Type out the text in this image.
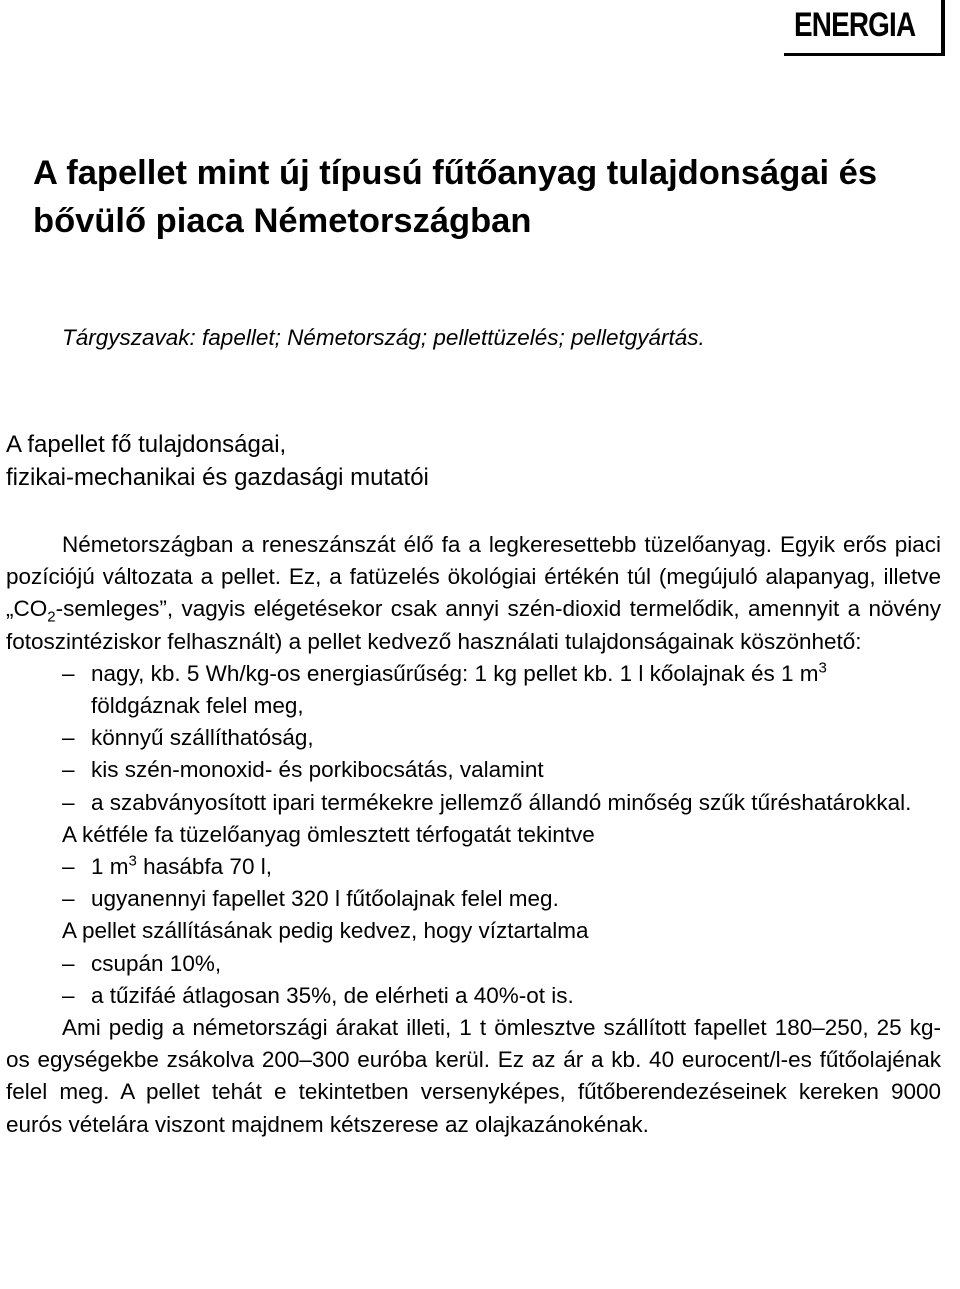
ENERGIA
A fapellet mint új típusú fűtőanyag tulajdonságai és bővülő piaca Németországban

Tárgyszavak: fapellet; Németország; pellettüzelés; pelletgyártás.

A fapellet fő tulajdonságai,
fizikai-mechanikai és gazdasági mutatói

Németországban a reneszánszát élő fa a legkeresettebb tüzelőanyag. Egyik erős piaci pozíciójú változata a pellet. Ez, a fatüzelés ökológiai értékén túl (megújuló alapanyag, illetve $„CO_2$-semleges”, vagyis elégetésekor csak annyi szén-dioxid termelődik, amennyit a növény fotoszintéziskor felhasznált) a pellet kedvező használati tulajdonságainak köszönhető:

– nagy, kb. 5 Wh/kg-os energiasűrűség: 1 kg pellet kb. 1 l kőolajnak és 1 $m^3$ földgáznak felel meg,

– könnyű szállíthatóság,

– kis szén-monoxid- és porkibocsátás, valamint

– a szabványosított ipari termékekre jellemző állandó minőség szűk tűréshatárokkal.

A kétféle fa tüzelőanyag ömlesztett térfogatát tekintve

– 1 $m^3$ hasábfa 70 l,

– ugyanennyi fapellet 320 l fűtőolajnak felel meg.

A pellet szállításának pedig kedvez, hogy víztartalma

– csupán 10%,

– a tűzifáé átlagosan 35%, de elérheti a 40%-ot is.

Ami pedig a németországi árakat illeti, 1 t ömlesztve szállított fapellet 180–250, 25 kg-os egységekbe zsákolva 200–300 euróba kerül. Ez az ár a kb. 40 eurocent/l-es fűtőolajénak felel meg. A pellet tehát e tekintetben versenyképes, fűtőberendezéseinek kereken 9000 eurós vételára viszont majdnem kétszerese az olajkazánokénak.
